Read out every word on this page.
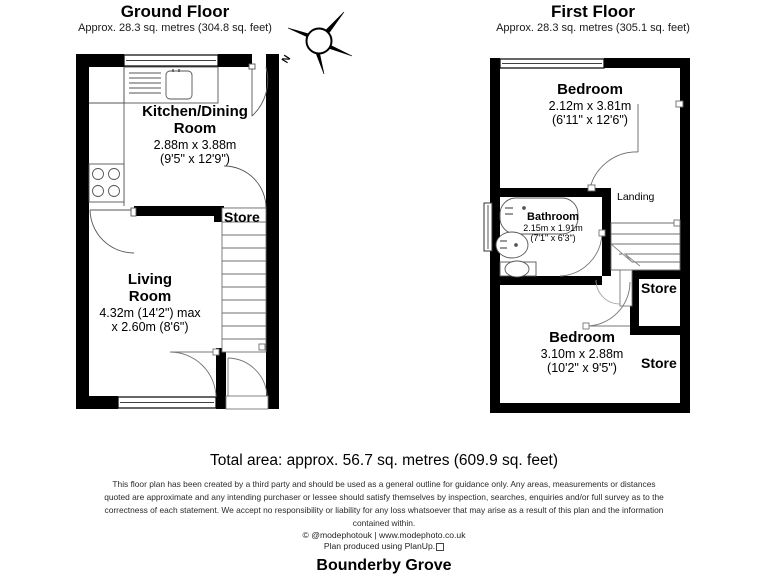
Ground Floor
Approx. 28.3 sq. metres (304.8 sq. feet)
N
Kitchen/Dining
Room
2.88m x 3.88m
(9'5" x 12'9")
Living
Room
4.32m (14'2") max
x 2.60m (8'6")
Store
First Floor
Approx. 28.3 sq. metres (305.1 sq. feet)
Bedroom
2.12m x 3.81m
(6'11" x 12'6")
Bathroom
2.15m x 1.91m
(7'1" x 6'3")
Bedroom
3.10m x 2.88m
(10'2" x 9'5")
Landing
Store
Store
Total area: approx. 56.7 sq. metres (609.9 sq. feet)
This floor plan has been created by a third party and should be used as a general outline for guidance only. Any areas, measurements or distances quoted are approximate and any intending purchaser or lessee should satisfy themselves by inspection, searches, enquiries and/or full survey as to the correctness of each statement. We accept no responsibility or liability for any loss whatsoever that may arise as a result of this plan and the information contained within.
© @modephotouk | www.modephoto.co.uk
Plan produced using PlanUp.
Bounderby Grove
